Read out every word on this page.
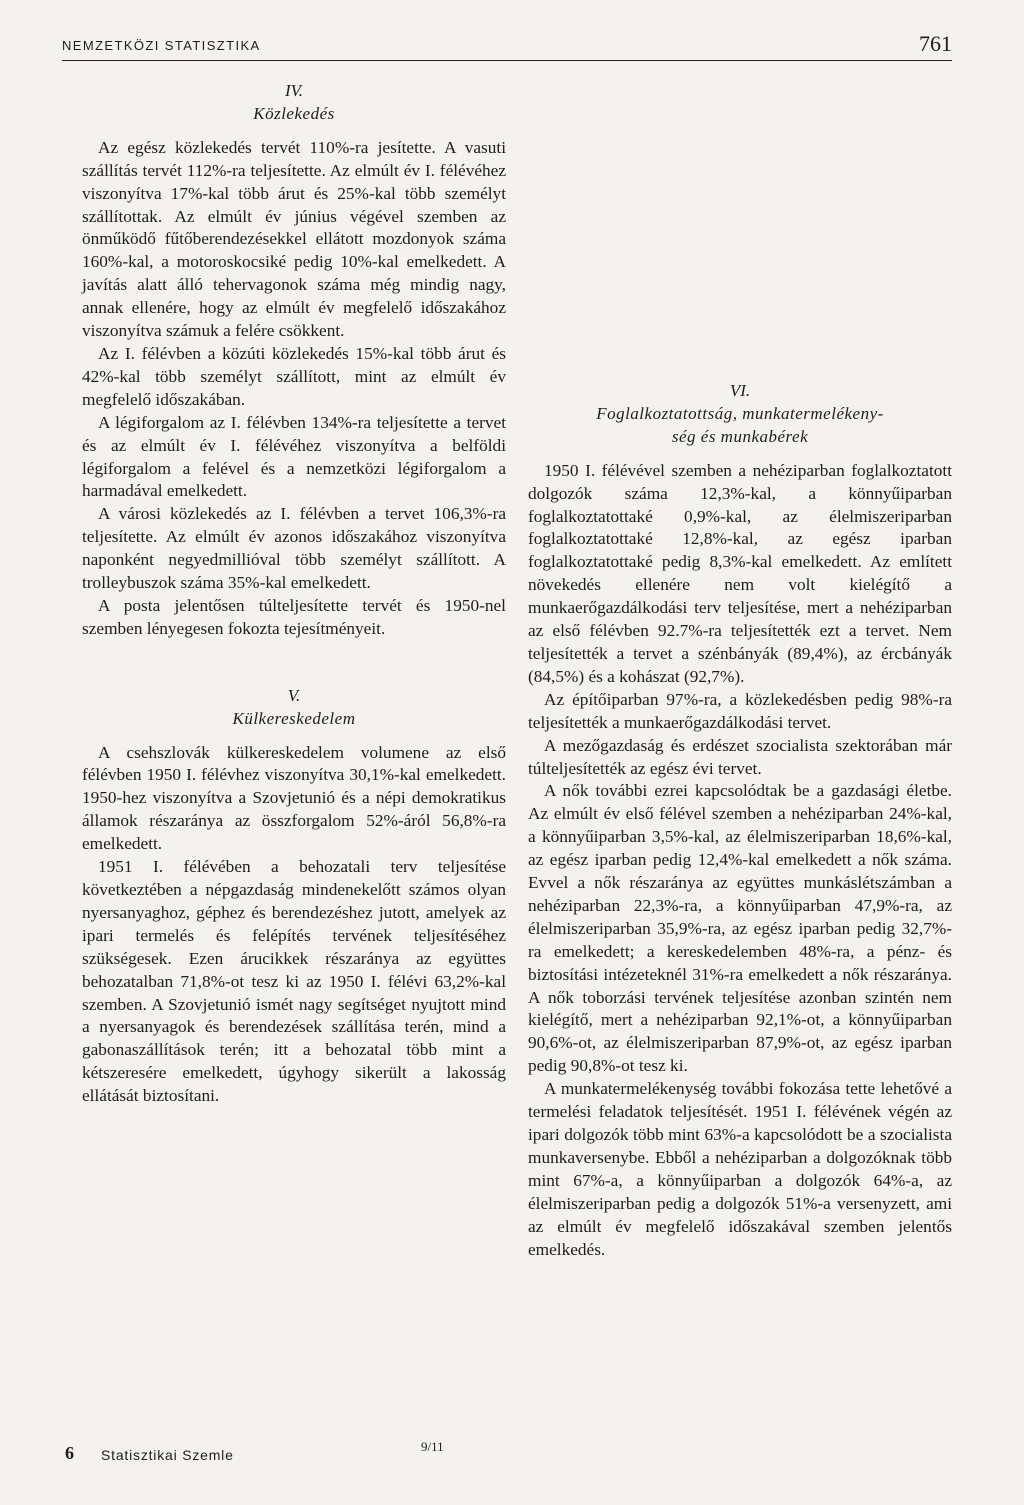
NEMZETKÖZI STATISZTIKA	761
IV.
Közlekedés

Az egész közlekedés tervét 110%-ra jesítette. A vasuti szállítás tervét 112%-ra teljesítette. Az elmúlt év I. félévéhez viszonyítva 17%-kal több árut és 25%-kal több személyt szállítottak. Az elmúlt év június végével szemben az önműködő fűtőberendezésekkel ellátott mozdonyok száma 160%-kal, a motoroskocsiké pedig 10%-kal emelkedett. A javítás alatt álló tehervagonok száma még mindig nagy, annak ellenére, hogy az elmúlt év megfelelő időszakához viszonyítva számuk a felére csökkent.

Az I. félévben a közúti közlekedés 15%-kal több árut és 42%-kal több személyt szállított, mint az elmúlt év megfelelő időszakában.

A légiforgalom az I. félévben 134%-ra teljesítette a tervet és az elmúlt év I. félévéhez viszonyítva a belföldi légiforgalom a felével és a nemzetközi légiforgalom a harmadával emelkedett.

A városi közlekedés az I. félévben a tervet 106,3%-ra teljesítette. Az elmúlt év azonos időszakához viszonyítva naponként negyedmillióval több személyt szállított. A trolleybuszok száma 35%-kal emelkedett.

A posta jelentősen túlteljesítette tervét és 1950-nel szemben lényegesen fokozta tejesítményeit.

V.
Külkereskedelem

A csehszlovák külkereskedelem volumene az első félévben 1950 I. félévhez viszonyítva 30,1%-kal emelkedett. 1950-hez viszonyítva a Szovjetunió és a népi demokratikus államok részaránya az összforgalom 52%-áról 56,8%-ra emelkedett.

1951 I. félévében a behozatali terv teljesítése következtében a népgazdaság mindenekelőtt számos olyan nyersanyaghoz, géphez és berendezéshez jutott, amelyek az ipari termelés és felépítés tervének teljesítéséhez szükségesek. Ezen árucikkek részaránya az együttes behozatalban 71,8%-ot tesz ki az 1950 I. félévi 63,2%-kal szemben. A Szovjetunió ismét nagy segítséget nyujtott mind a nyersanyagok és berendezések szállítása terén, mind a gabonaszállítások terén; itt a behozatal több mint a kétszeresére emelkedett, úgyhogy sikerült a lakosság ellátását biztosítani.

VI.
Foglalkoztatottság, munkatermelékeny-
ség és munkabérek

1950 I. félévével szemben a nehéziparban foglalkoztatott dolgozók száma 12,3%-kal, a könnyűiparban foglalkoztatottaké 0,9%-kal, az élelmiszeriparban foglalkoztatottaké 12,8%-kal, az egész iparban foglalkoztatottaké pedig 8,3%-kal emelkedett. Az említett növekedés ellenére nem volt kielégítő a munkaerőgazdálkodási terv teljesítése, mert a nehéziparban az első félévben 92.7%-ra teljesítették ezt a tervet. Nem teljesítették a tervet a szénbányák (89,4%), az ércbányák (84,5%) és a kohászat (92,7%).

Az építőiparban 97%-ra, a közlekedésben pedig 98%-ra teljesítették a munkaerőgazdálkodási tervet.

A mezőgazdaság és erdészet szocialista szektorában már túlteljesítették az egész évi tervet.

A nők további ezrei kapcsolódtak be a gazdasági életbe. Az elmúlt év első félével szemben a nehéziparban 24%-kal, a könnyűiparban 3,5%-kal, az élelmiszeriparban 18,6%-kal, az egész iparban pedig 12,4%-kal emelkedett a nők száma. Evvel a nők részaránya az együttes munkáslétszámban a nehéziparban 22,3%-ra, a könnyűiparban 47,9%-ra, az élelmiszeriparban 35,9%-ra, az egész iparban pedig 32,7%-ra emelkedett; a kereskedelemben 48%-ra, a pénz- és biztosítási intézeteknél 31%-ra emelkedett a nők részaránya. A nők toborzási tervének teljesítése azonban szintén nem kielégítő, mert a nehéziparban 92,1%-ot, a könnyűiparban 90,6%-ot, az élelmiszeriparban 87,9%-ot, az egész iparban pedig 90,8%-ot tesz ki.

A munkatermelékenység további fokozása tette lehetővé a termelési feladatok teljesítését. 1951 I. félévének végén az ipari dolgozók több mint 63%-a kapcsolódott be a szocialista munkaversenybe. Ebből a nehéziparban a dolgozóknak több mint 67%-a, a könnyűiparban a dolgozók 64%-a, az élelmiszeriparban pedig a dolgozók 51%-a versenyzett, ami az elmúlt év megfelelő időszakával szemben jelentős emelkedés.

6 Statisztikai Szemle
9/11
